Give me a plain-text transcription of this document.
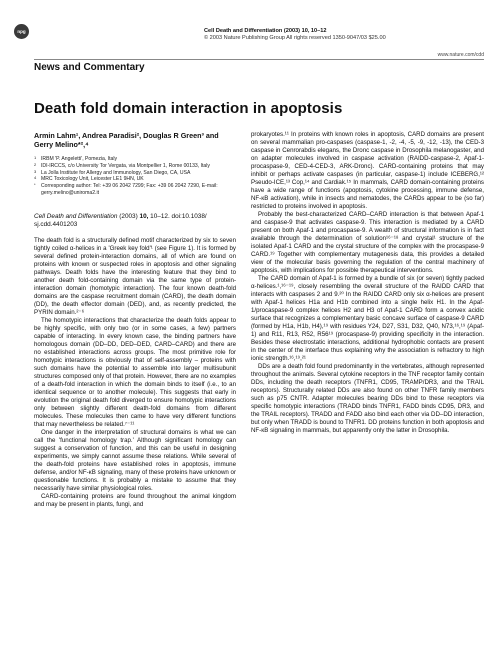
npg	Cell Death and Differentiation (2003) 10, 10–12
© 2003 Nature Publishing Group All rights reserved 1350-9047/03 $25.00
www.nature.com/cdd
News and Commentary
Death fold domain interaction in apoptosis
Armin Lahm¹, Andrea Paradisi², Douglas R Green³ and Gerry Melino*²,⁴
1 IRBM 'P. Angeletti', Pomezia, Italy
2 IDI-IRCCS, c/o University Tor Vergata, via Montpellier 1, Rome 00133, Italy
3 La Jolla Institute for Allergy and Immunology, San Diego, CA, USA
4 MRC Toxicology Unit, Leicester LE1 9HN, UK
* Corresponding author: Tel: +39 06 2042 7299; Fax: +39 06 2042 7290, E-mail: gerry.melino@uniroma2.it
Cell Death and Differentiation (2003) 10, 10–12. doi:10.1038/ sj.cdd.4401203

The death fold is a structurally defined motif characterized by six to seven tightly coiled α-helices in a 'Greek key fold'¹ (see Figure 1). It is formed by several defined protein-interaction domains, all of which are found on proteins with known or suspected roles in apoptosis and other signaling pathways. Death folds have the interesting feature that they bind to another death fold-containing domain via the same type of protein-interaction domain (homotypic interaction). The four known death-fold domains are the caspase recruitment domain (CARD), the death domain (DD), the death effector domain (DED), and, as recently predicted, the PYRIN domain.²⁻⁶

The homotypic interactions that characterize the death folds appear to be highly specific, with only two (or in some cases, a few) partners capable of interacting. In every known case, the binding partners have homologous domain (DD–DD, DED–DED, CARD–CARD) and there are no established interactions across groups. The most primitive role for homotypic interactions is obviously that of self-assembly – proteins with such domains have the potential to assemble into larger multisubunit structures composed only of that protein. However, there are no examples of a death-fold interaction in which the domain binds to itself (i.e., to an identical sequence or to another molecule). This suggests that early in evolution the original death fold diverged to ensure homotypic interactions only between slightly different death-fold domains from different molecules. These molecules then came to have very different functions that may nevertheless be related.⁷⁻¹¹

One danger in the interpretation of structural domains is what we can call the 'functional homology trap.' Although significant homology can suggest a conservation of function, and this can be useful in designing experiments, we simply cannot assume these relations. While several of the death-fold proteins have established roles in apoptosis, immune defense, and/or NF-κB signaling, many of these proteins have unknown or questionable functions. It is probably a mistake to assume that they necessarily have similar physiological roles.

CARD-containing proteins are found throughout the animal kingdom and may be present in plants, fungi, and

prokaryotes.¹¹ In proteins with known roles in apoptosis, CARD domains are present on several mammalian pro-caspases (caspase-1, -2, -4, -5, -9, -12, -13), the CED-3 caspase in Cenrorabdis elegans, the Dronc caspase in Drosophila melanogaster, and on adapter molecules involved in caspase activation (RAIDD-caspase-2, Apaf-1-procaspase-9, CED-4-CED-3, ARK-Dronc). CARD-containing proteins that may inhibit or perhaps activate caspases (in particular, caspase-1) include ICEBERG,¹² Pseudo-ICE,¹³ Cop,¹⁴ and Cardiak.¹⁵ In mammals, CARD domain-containing proteins have a wide range of functions (apoptosis, cytokine processing, immune defense, NF-κB activation), while in insects and nematodes, the CARDs appear to be (so far) restricted to proteins involved in apoptosis.

Probably the best-characterized CARD–CARD interaction is that between Apaf-1 and caspase-9 that activates caspase-9. This interaction is mediated by a CARD present on both Apaf-1 and procaspase-9. A wealth of structural information is in fact available through the determination of solution¹⁶⁻¹⁸ and crystal¹ structure of the isolated Apaf-1 CARD and the crystal structure of the complex with the procaspase-9 CARD.¹⁹ Together with complementary mutagenesis data, this provides a detailed view of the molecular basis governing the regulation of the central machinery of apoptosis, with implications for possible therapeutical interventions.

The CARD domain of Apaf-1 is formed by a bundle of six (or seven) tightly packed α-helices.¹,¹⁶⁻¹⁹, closely resembling the overall structure of the RAIDD CARD that interacts with caspases 2 and 9.²⁰ In the RAIDD CARD only six α-helices are present with Apaf-1 helices H1a and H1b combined into a single helix H1. In the Apaf-1/procaspase-9 complex helices H2 and H3 of Apaf-1 CARD form a convex acidic surface that recognizes a complementary basic concave surface of caspase-9 CARD (formed by H1a, H1b, H4),¹⁹ with residues Y24, D27, S31, D32, Q40, N73,¹⁶,¹⁹ (Apaf-1) and R11, R13, R52, R56¹⁹ (procaspase-9) providing specificity in the interaction. Besides these electrostatic interactions, additional hydrophobic contacts are present in the center of the interface thus explaining why the association is refractory to high ionic strength.¹⁶,¹⁹,²¹

DDs are a death fold found predominantly in the vertebrates, although represented throughout the animals. Several cytokine receptors in the TNF receptor family contain DDs, including the death receptors (TNFR1, CD95, TRAMP/DR3, and the TRAIL receptors). Structurally related DDs are also found on other TNFR family members such as p75 CNTR. Adapter molecules bearing DDs bind to these receptors via specific homotypic interactions (TRADD binds TNFR1, FADD binds CD95, DR3, and the TRAIL receptors). TRADD and FADD also bind each other via DD–DD interaction, but only when TRADD is bound to TNFR1. DD proteins function in both apoptosis and NF-κB signaling in mammals, but apparently only the latter in Drosophila.
